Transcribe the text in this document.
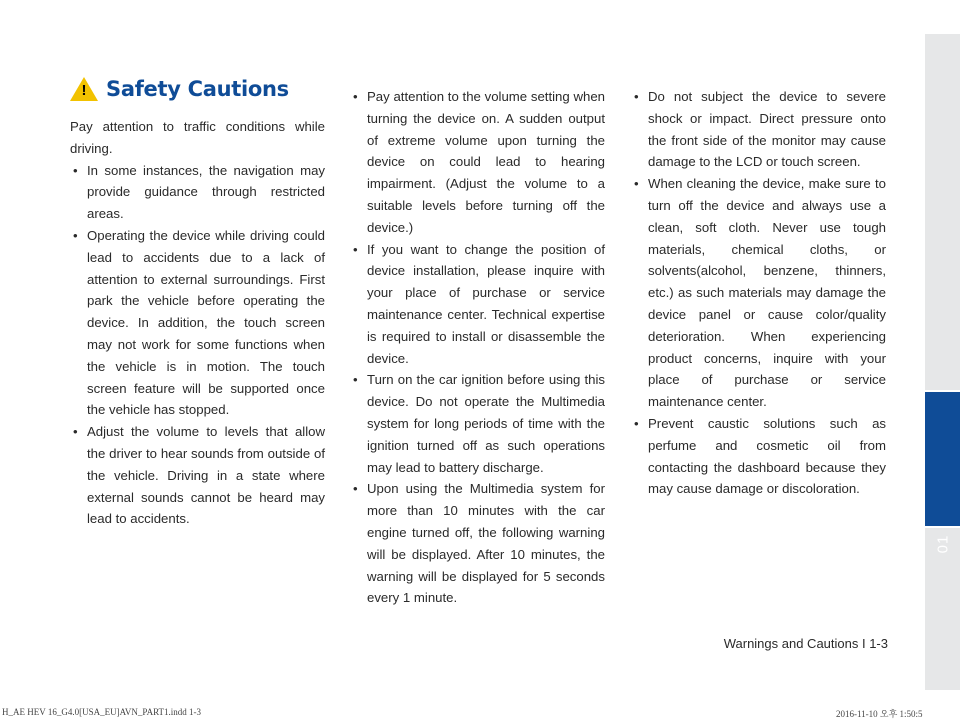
01
! Safety Cautions

Pay attention to traffic conditions while driving.

• In some instances, the navigation may provide guidance through restricted areas.
• Operating the device while driving could lead to accidents due to a lack of attention to external surroundings. First park the vehicle before operating the device. In addition, the touch screen may not work for some functions when the vehicle is in motion. The touch screen feature will be supported once the vehicle has stopped.
• Adjust the volume to levels that allow the driver to hear sounds from outside of the vehicle. Driving in a state where external sounds cannot be heard may lead to accidents.
• Pay attention to the volume setting when turning the device on. A sudden output of extreme volume upon turning the device on could lead to hearing impairment. (Adjust the volume to a suitable levels before turning off the device.)
• If you want to change the position of device installation, please inquire with your place of purchase or service maintenance center. Technical expertise is required to install or disassemble the device.
• Turn on the car ignition before using this device. Do not operate the Multimedia system for long periods of time with the ignition turned off as such operations may lead to battery discharge.
• Upon using the Multimedia system for more than 10 minutes with the car engine turned off, the following warning will be displayed. After 10 minutes, the warning will be displayed for 5 seconds every 1 minute.
• Do not subject the device to severe shock or impact. Direct pressure onto the front side of the monitor may cause damage to the LCD or touch screen.
• When cleaning the device, make sure to turn off the device and always use a clean, soft cloth. Never use tough materials, chemical cloths, or solvents(alcohol, benzene, thinners, etc.) as such materials may damage the device panel or cause color/quality deterioration. When experiencing product concerns, inquire with your place of purchase or service maintenance center.
• Prevent caustic solutions such as perfume and cosmetic oil from contacting the dashboard because they may cause damage or discoloration.
Warnings and Cautions I 1-3
H_AE HEV 16_G4.0[USA_EU]AVN_PART1.indd 1-3	2016-11-10 오후 1:50:5
